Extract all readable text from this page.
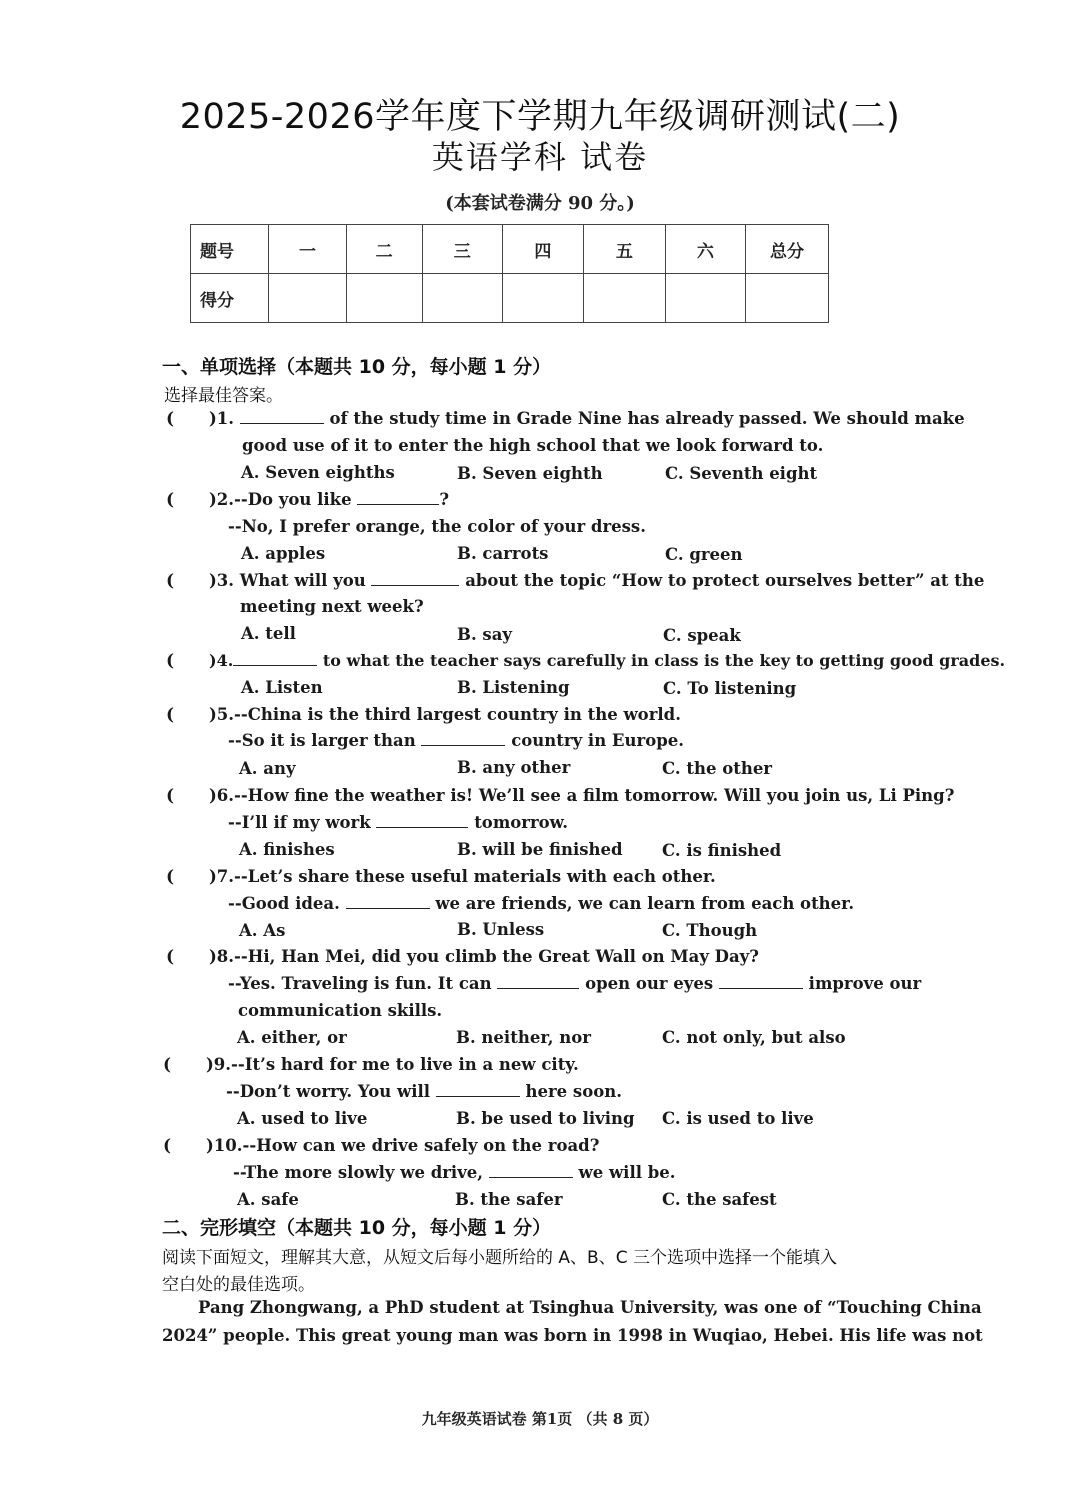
2025-2026学年度下学期九年级调研测试(二)
英语学科 试卷
(本套试卷满分 90 分。)
题号	一	二	三	四	五	六	总分
得分							
一、单项选择（本题共 10 分，每小题 1 分）
选择最佳答案。
( )1.	of the study time in Grade Nine has already passed. We should make
good use of it to enter the high school that we look forward to.
A. Seven eighths	B. Seven eighth	C. Seventh eight
( )2.--Do you like	?
--No, I prefer orange, the color of your dress.
A. apples	B. carrots	C. green
( )3. What will you	about the topic “How to protect ourselves better” at the
meeting next week?
A. tell	B. say	C. speak
( )4.	to what the teacher says carefully in class is the key to getting good grades.
A. Listen	B. Listening	C. To listening
( )5.--China is the third largest country in the world.
--So it is larger than	country in Europe.
A. any	B. any other	C. the other
( )6.--How fine the weather is! We’ll see a film tomorrow. Will you join us, Li Ping?
--I’ll if my work	tomorrow.
A. finishes	B. will be finished C. is finished
( )7.--Let’s share these useful materials with each other.
--Good idea.	we are friends, we can learn from each other.
A. As	B. Unless	C. Though
( )8.--Hi, Han Mei, did you climb the Great Wall on May Day?
--Yes. Traveling is fun. It can	open our eyes	improve our
communication skills.
A. either, or	B. neither, nor	C. not only, but also
( )9.--It’s hard for me to live in a new city.
--Don’t worry. You will	here soon.
A. used to live	B. be used to living C. is used to live
( )10.--How can we drive safely on the road?
--The more slowly we drive,	we will be.
A. safe	B. the safer	C. the safest
二、完形填空（本题共 10 分，每小题 1 分）
阅读下面短文，理解其大意，从短文后每小题所给的 A、B、C 三个选项中选择一个能填入
空白处的最佳选项。
Pang Zhongwang, a PhD student at Tsinghua University, was one of “Touching China
2024” people. This great young man was born in 1998 in Wuqiao, Hebei. His life was not
九年级英语试卷 第1页 （共 8 页）
